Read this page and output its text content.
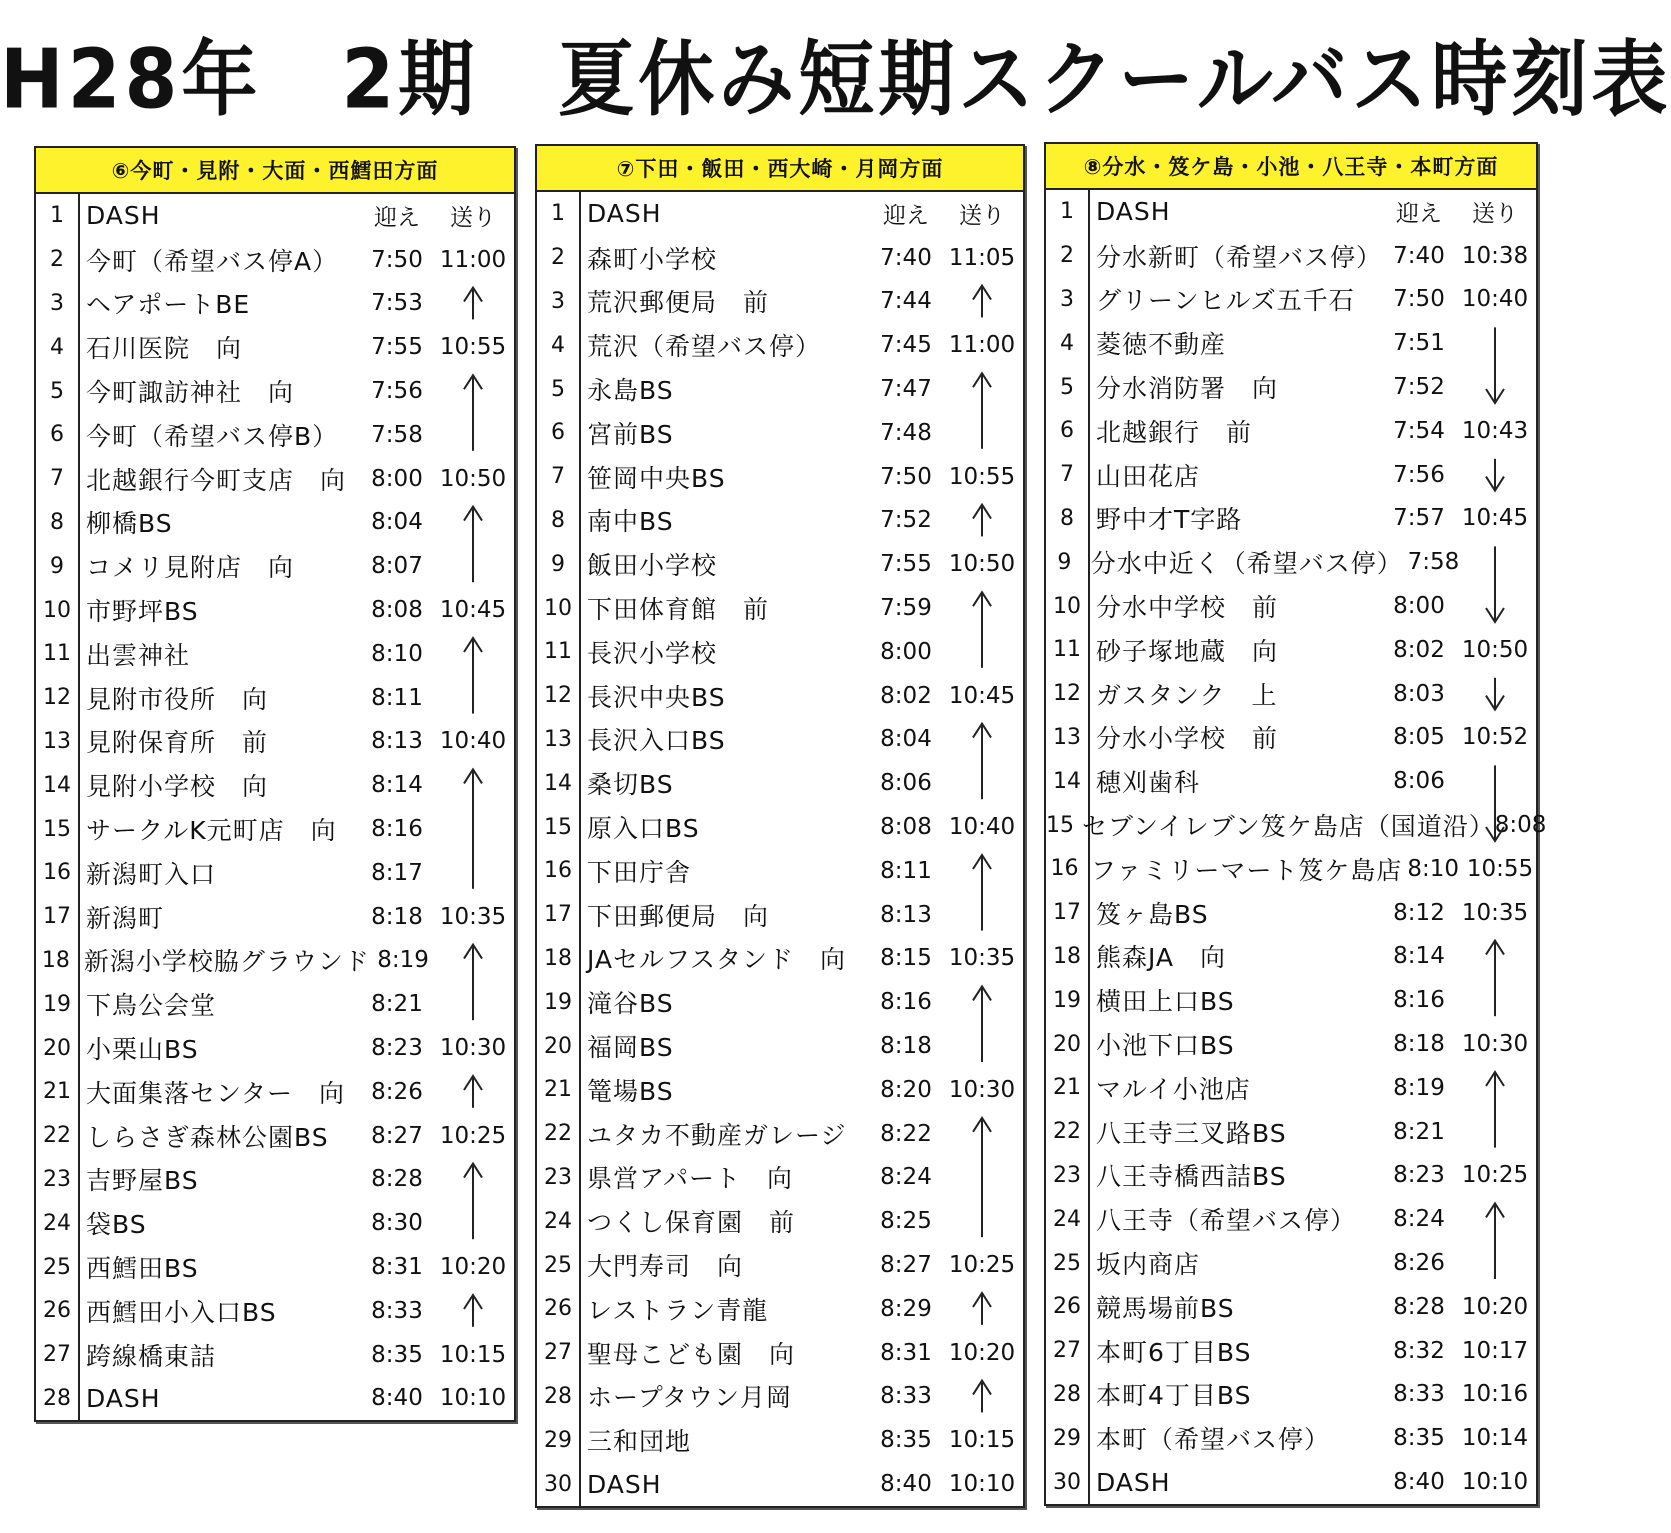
H28年　2期　夏休み短期スクールバス時刻表
⑥今町・見附・大面・西鱈田方面
1 DASH	迎え	送り
2 今町（希望バス停A）	7:50 11:00
3 ヘアポートBE	7:53
4 石川医院　向	7:55 10:55
5 今町諏訪神社　向	7:56
6 今町（希望バス停B）	7:58
7 北越銀行今町支店　向	8:00 10:50
8 柳橋BS	8:04
9 コメリ見附店　向	8:07
10 市野坪BS	8:08 10:45
11 出雲神社	8:10
12 見附市役所　向	8:11
13 見附保育所　前	8:13 10:40
14 見附小学校　向	8:14
15 サークルK元町店　向	8:16
16 新潟町入口	8:17
17 新潟町	8:18 10:35
18 新潟小学校脇グラウンド 8:19
19 下鳥公会堂	8:21
20 小栗山BS	8:23 10:30
21 大面集落センター　向	8:26
22 しらさぎ森林公園BS	8:27 10:25
23 吉野屋BS	8:28
24 袋BS	8:30
25 西鱈田BS	8:31 10:20
26 西鱈田小入口BS	8:33
27 跨線橋東詰	8:35 10:15
28 DASH	8:40 10:10
⑦下田・飯田・西大崎・月岡方面
1 DASH	迎え	送り
2 森町小学校	7:40 11:05
3 荒沢郵便局　前	7:44
4 荒沢（希望バス停）	7:45 11:00
5 永島BS	7:47
6 宮前BS	7:48
7 笹岡中央BS	7:50 10:55
8 南中BS	7:52
9 飯田小学校	7:55 10:50
10 下田体育館　前	7:59
11 長沢小学校	8:00
12 長沢中央BS	8:02 10:45
13 長沢入口BS	8:04
14 桑切BS	8:06
15 原入口BS	8:08 10:40
16 下田庁舎	8:11
17 下田郵便局　向	8:13
18 JAセルフスタンド　向	8:15 10:35
19 滝谷BS	8:16
20 福岡BS	8:18
21 篭場BS	8:20 10:30
22 ユタカ不動産ガレージ	8:22
23 県営アパート　向	8:24
24 つくし保育園　前	8:25
25 大門寿司　向	8:27 10:25
26 レストラン青龍	8:29
27 聖母こども園　向	8:31 10:20
28 ホープタウン月岡	8:33
29 三和団地	8:35 10:15
30 DASH	8:40 10:10
⑧分水・笈ケ島・小池・八王寺・本町方面
1 DASH	迎え	送り
2 分水新町（希望バス停） 7:40 10:38
3 グリーンヒルズ五千石	7:50 10:40
4 菱徳不動産	7:51
5 分水消防署　向	7:52
6 北越銀行　前	7:54 10:43
7 山田花店	7:56
8 野中才T字路	7:57 10:45
9 分水中近く（希望バス停） 7:58
10 分水中学校　前	8:00
11 砂子塚地蔵　向	8:02 10:50
12 ガスタンク　上	8:03
13 分水小学校　前	8:05 10:52
14 穂刈歯科	8:06
15 セブンイレブン笈ケ島店（国道沿） 8:08
16 ファミリーマート笈ケ島店 8:10 10:55
17 笈ヶ島BS	8:12 10:35
18 熊森JA　向	8:14
19 横田上口BS	8:16
20 小池下口BS	8:18 10:30
21 マルイ小池店	8:19
22 八王寺三叉路BS	8:21
23 八王寺橋西詰BS	8:23 10:25
24 八王寺（希望バス停）	8:24
25 坂内商店	8:26
26 競馬場前BS	8:28 10:20
27 本町6丁目BS	8:32 10:17
28 本町4丁目BS	8:33 10:16
29 本町（希望バス停）	8:35 10:14
30 DASH	8:40 10:10
